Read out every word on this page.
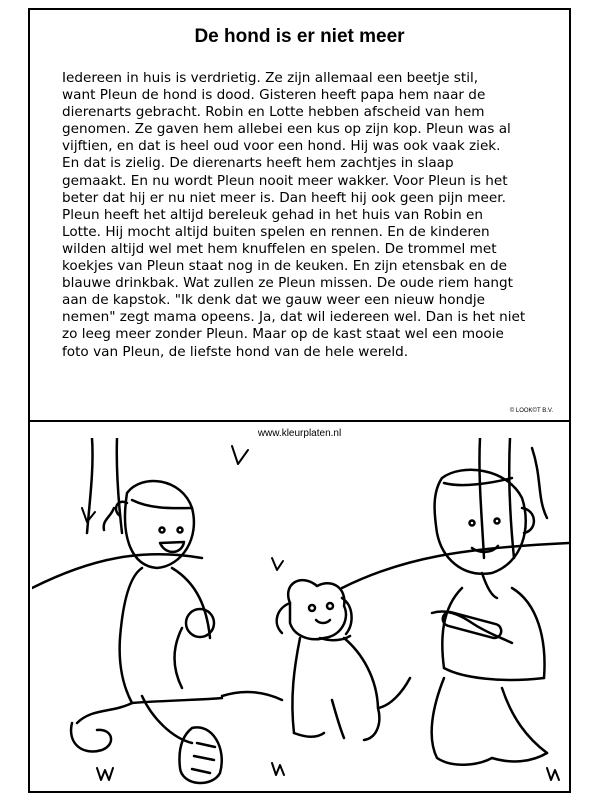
De hond is er niet meer

Iedereen in huis is verdrietig. Ze zijn allemaal een beetje stil,
want Pleun de hond is dood. Gisteren heeft papa hem naar de
dierenarts gebracht. Robin en Lotte hebben afscheid van hem
genomen. Ze gaven hem allebei een kus op zijn kop. Pleun was al
vijftien, en dat is heel oud voor een hond. Hij was ook vaak ziek.
En dat is zielig. De dierenarts heeft hem zachtjes in slaap
gemaakt. En nu wordt Pleun nooit meer wakker. Voor Pleun is het
beter dat hij er nu niet meer is. Dan heeft hij ook geen pijn meer.
Pleun heeft het altijd bereleuk gehad in het huis van Robin en
Lotte. Hij mocht altijd buiten spelen en rennen. En de kinderen
wilden altijd wel met hem knuffelen en spelen. De trommel met
koekjes van Pleun staat nog in de keuken. En zijn etensbak en de
blauwe drinkbak. Wat zullen ze Pleun missen. De oude riem hangt
aan de kapstok. "Ik denk dat we gauw weer een nieuw hondje
nemen" zegt mama opeens. Ja, dat wil iedereen wel. Dan is het niet
zo leeg meer zonder Pleun. Maar op de kast staat wel een mooie
foto van Pleun, de liefste hond van de hele wereld.

© LOOK©T B.V.
www.kleurplaten.nl
